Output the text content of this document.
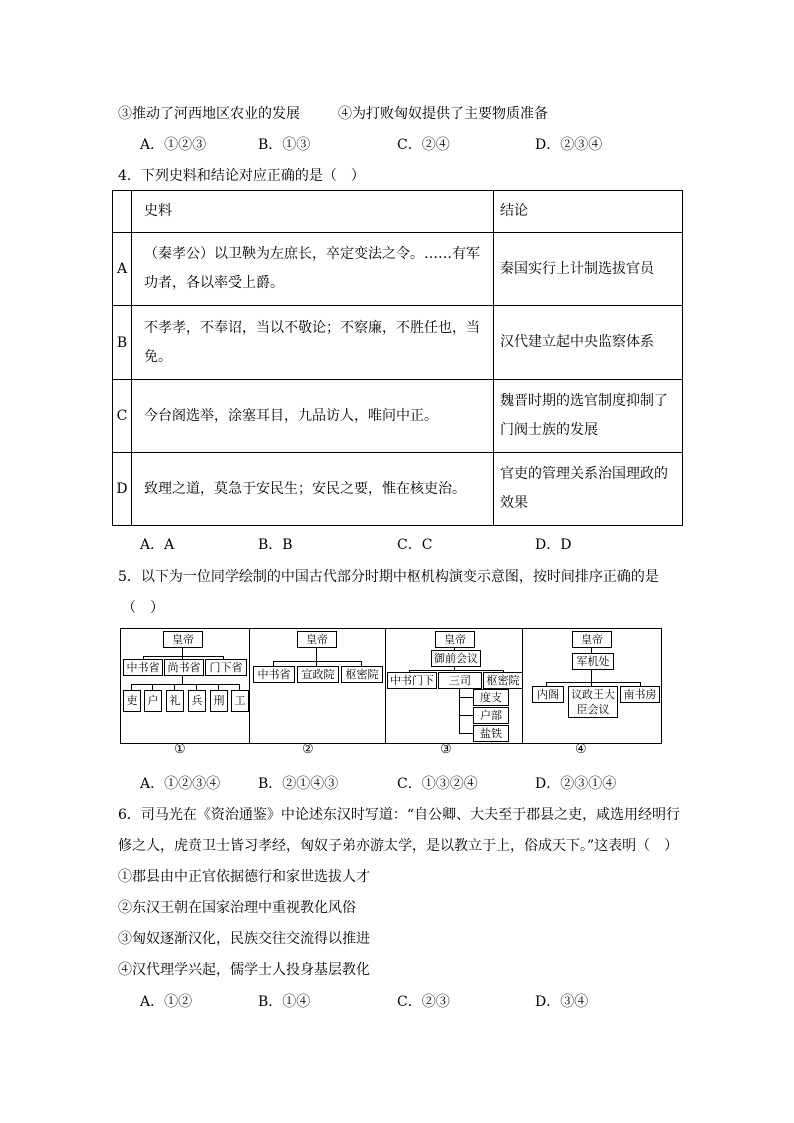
③推动了河西地区农业的发展	④为打败匈奴提供了主要物质准备
A．①②③	B．①③	C．②④	D．②③④
4．下列史料和结论对应正确的是（　）
	史料	结论
A	（秦孝公）以卫鞅为左庶长，卒定变法之令。……有军功者，各以率受上爵。	秦国实行上计制选拔官员
B	不孝孝，不奉诏，当以不敬论；不察廉，不胜任也，当免。	汉代建立起中央监察体系
C	今台阁选举，涂塞耳目，九品访人，唯问中正。	魏晋时期的选官制度抑制了门阀士族的发展
D	致理之道，莫急于安民生；安民之要，惟在核吏治。	官吏的管理关系治国理政的效果
A．A	B．B	C．C	D．D
5．以下为一位同学绘制的中国古代部分时期中枢机构演变示意图，按时间排序正确的是
（　）
皇帝
中书省 尚书省 门下省
吏 户	礼	兵	刑 工
皇帝
中书省	宣政院	枢密院
皇帝
御前会议
中书门下	三司	枢密院
度支
户部
盐铁
皇帝
军机处
内阁	议政王大臣会议
南书房
①	②	③	④
A．①②③④	B．②①④③	C．①③②④	D．②③①④
6．司马光在《资治通鉴》中论述东汉时写道：“自公卿、大夫至于郡县之吏，咸选用经明行
修之人，虎贲卫士皆习孝经，匈奴子弟亦游太学，是以教立于上，俗成天下。”这表明（　）
①郡县由中正官依据德行和家世选拔人才
②东汉王朝在国家治理中重视教化风俗
③匈奴逐渐汉化，民族交往交流得以推进
④汉代理学兴起，儒学士人投身基层教化
A．①②	B．①④	C．②③	D．③④
